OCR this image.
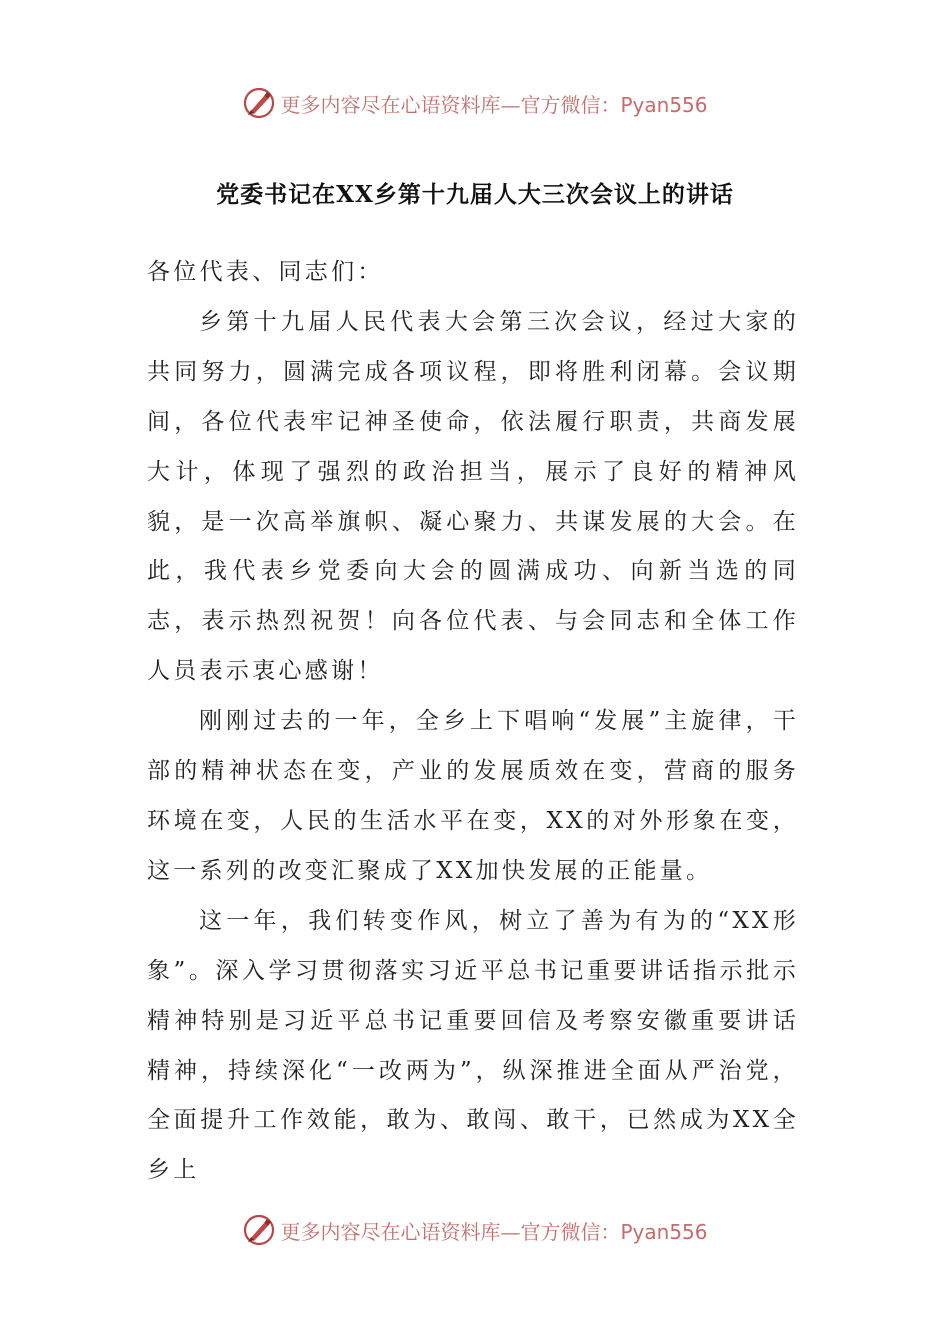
更多内容尽在心语资料库—官方微信：Pyan556
党委书记在XX乡第十九届人大三次会议上的讲话

各位代表、同志们：

乡第十九届人民代表大会第三次会议，经过大家的共同努力，圆满完成各项议程，即将胜利闭幕。会议期间，各位代表牢记神圣使命，依法履行职责，共商发展大计，体现了强烈的政治担当，展示了良好的精神风貌，是一次高举旗帜、凝心聚力、共谋发展的大会。在此，我代表乡党委向大会的圆满成功、向新当选的同志，表示热烈祝贺！向各位代表、与会同志和全体工作人员表示衷心感谢！

刚刚过去的一年，全乡上下唱响“发展”主旋律，干部的精神状态在变，产业的发展质效在变，营商的服务环境在变，人民的生活水平在变，XX的对外形象在变，这一系列的改变汇聚成了XX加快发展的正能量。

这一年，我们转变作风，树立了善为有为的“XX形象”。深入学习贯彻落实习近平总书记重要讲话指示批示精神特别是习近平总书记重要回信及考察安徽重要讲话精神，持续深化“一改两为”，纵深推进全面从严治党，全面提升工作效能，敢为、敢闯、敢干，已然成为XX全乡上

更多内容尽在心语资料库—官方微信：Pyan556
